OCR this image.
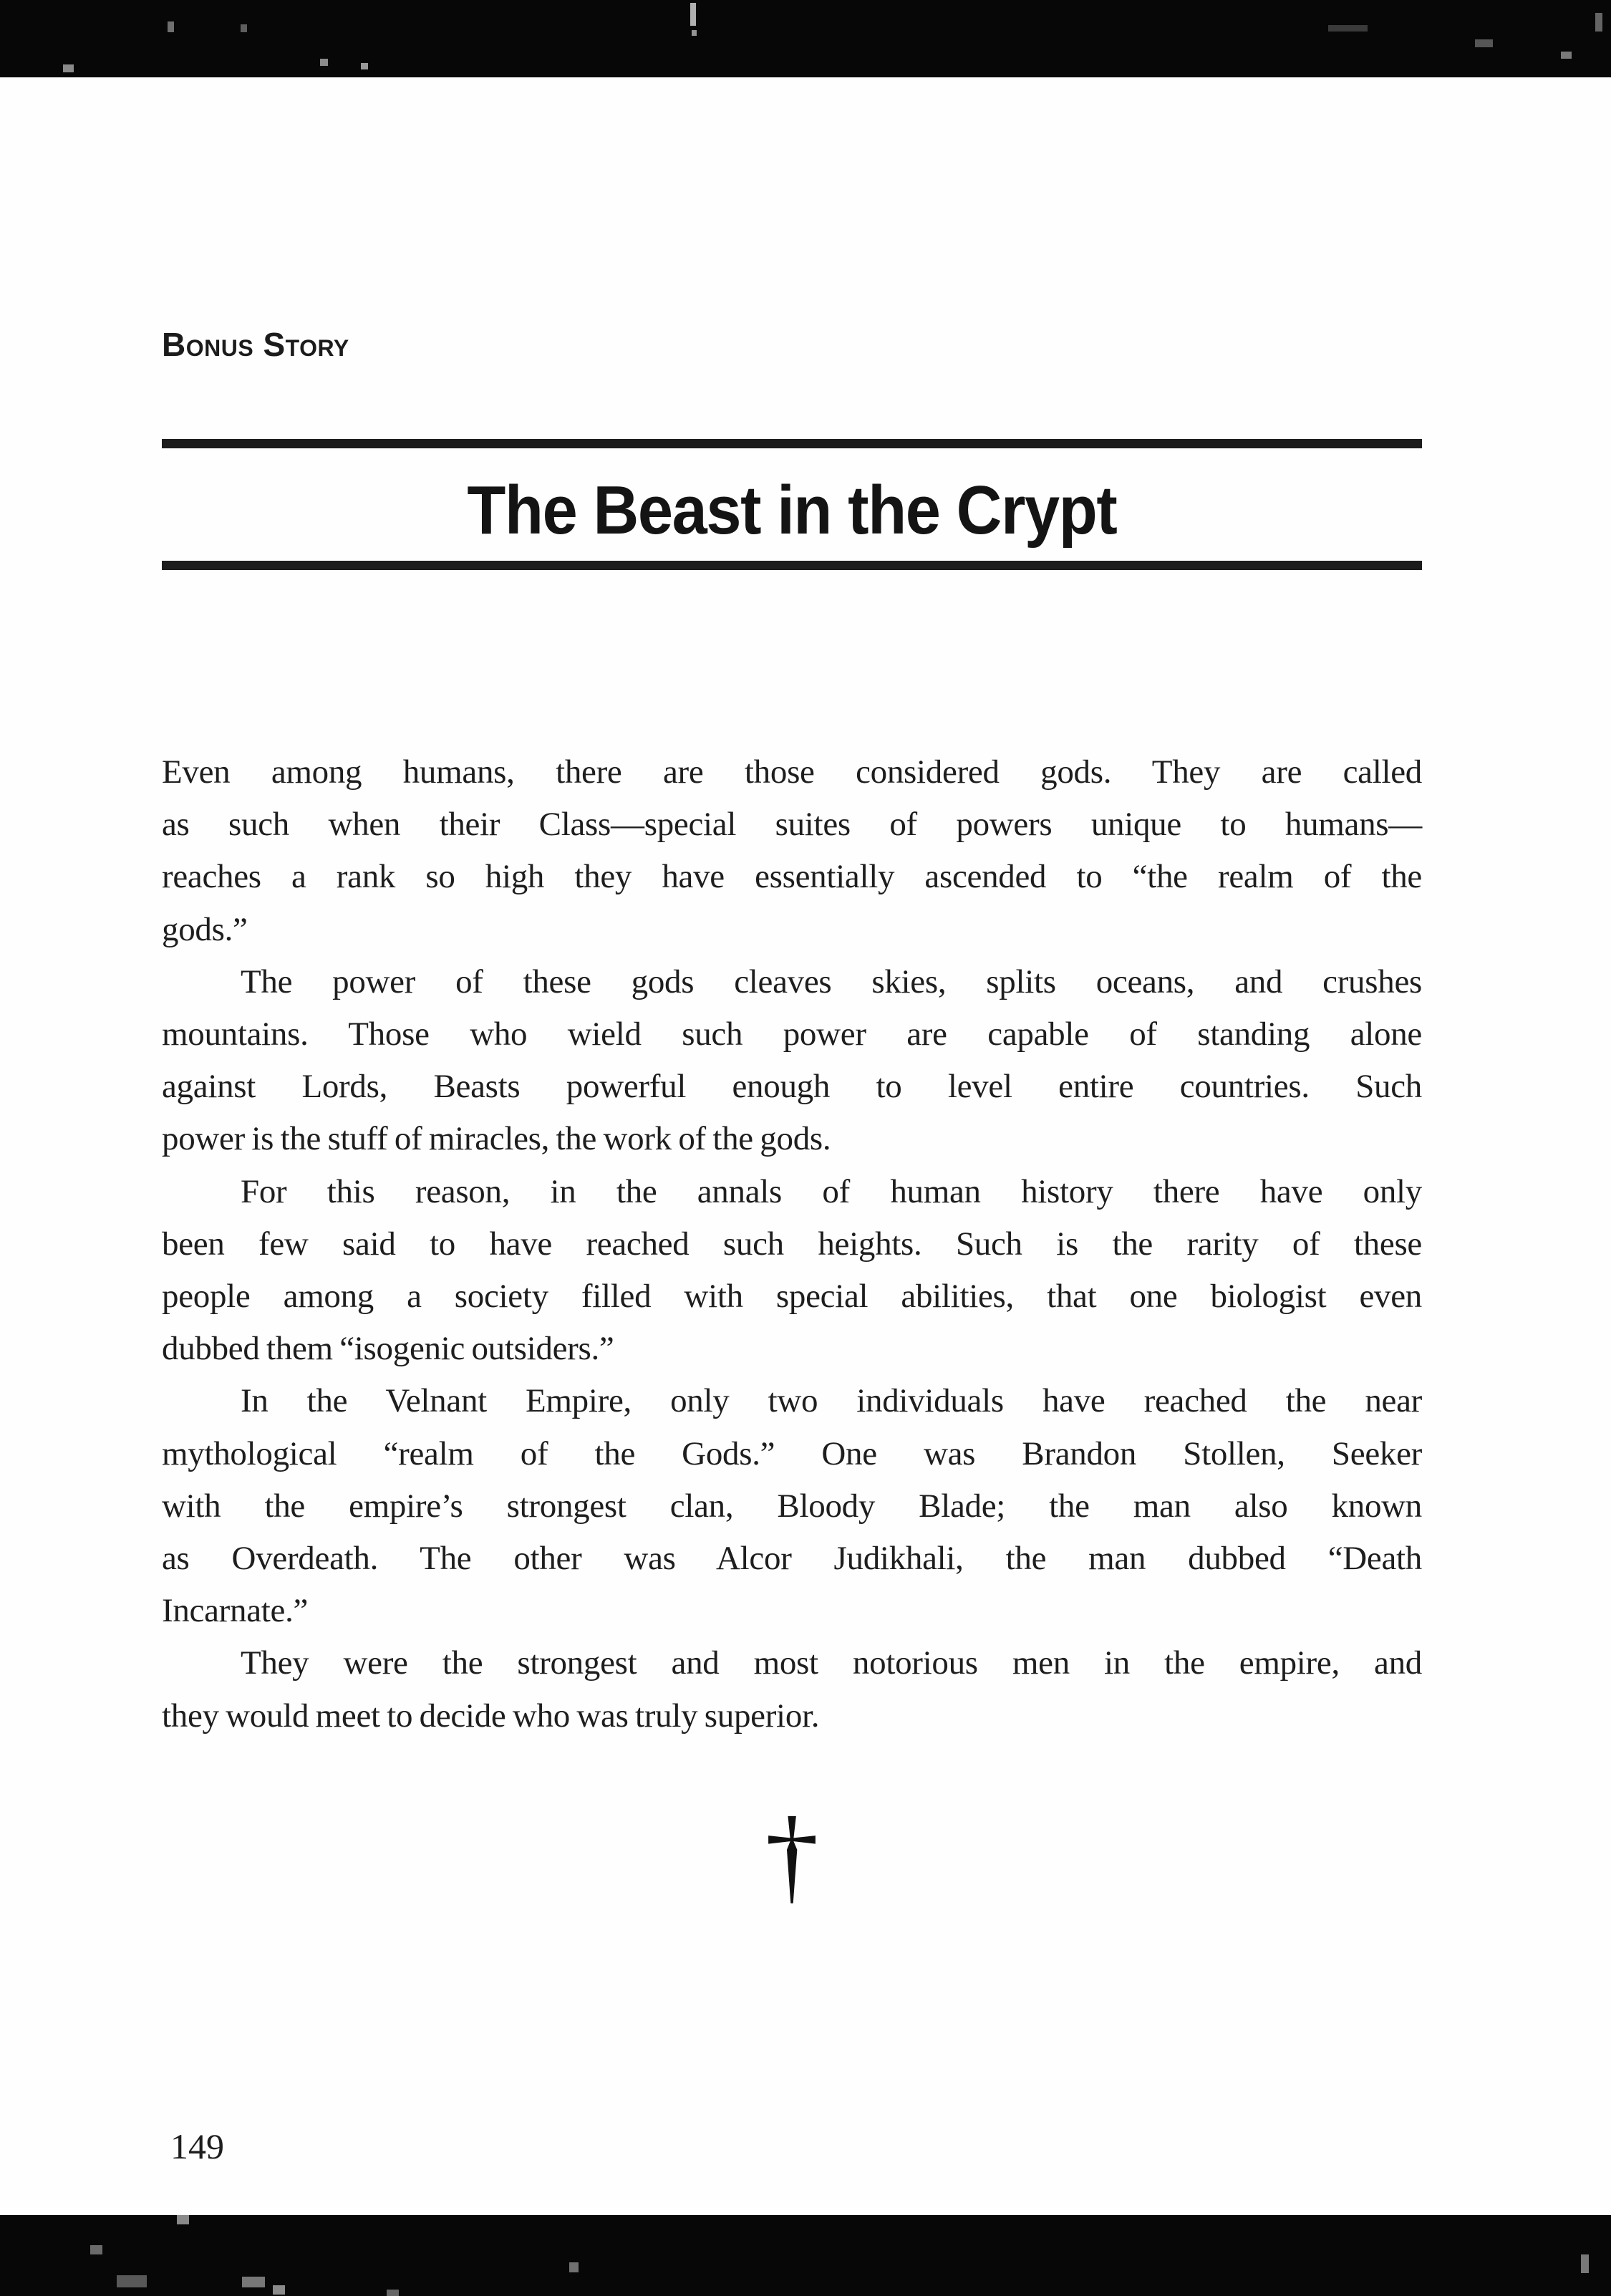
Bonus Story
The Beast in the Crypt
Even among humans, there are those considered gods. They are called
as such when their Class—special suites of powers unique to humans—
reaches a rank so high they have essentially ascended to “the realm of the
gods.”
The power of these gods cleaves skies, splits oceans, and crushes
mountains. Those who wield such power are capable of standing alone
against Lords, Beasts powerful enough to level entire countries. Such
power is the stuff of miracles, the work of the gods.
For this reason, in the annals of human history there have only
been few said to have reached such heights. Such is the rarity of these
people among a society filled with special abilities, that one biologist even
dubbed them “isogenic outsiders.”
In the Velnant Empire, only two individuals have reached the near
mythological “realm of the Gods.” One was Brandon Stollen, Seeker
with the empire’s strongest clan, Bloody Blade; the man also known
as Overdeath. The other was Alcor Judikhali, the man dubbed “Death
Incarnate.”
They were the strongest and most notorious men in the empire, and
they would meet to decide who was truly superior.
†
149
